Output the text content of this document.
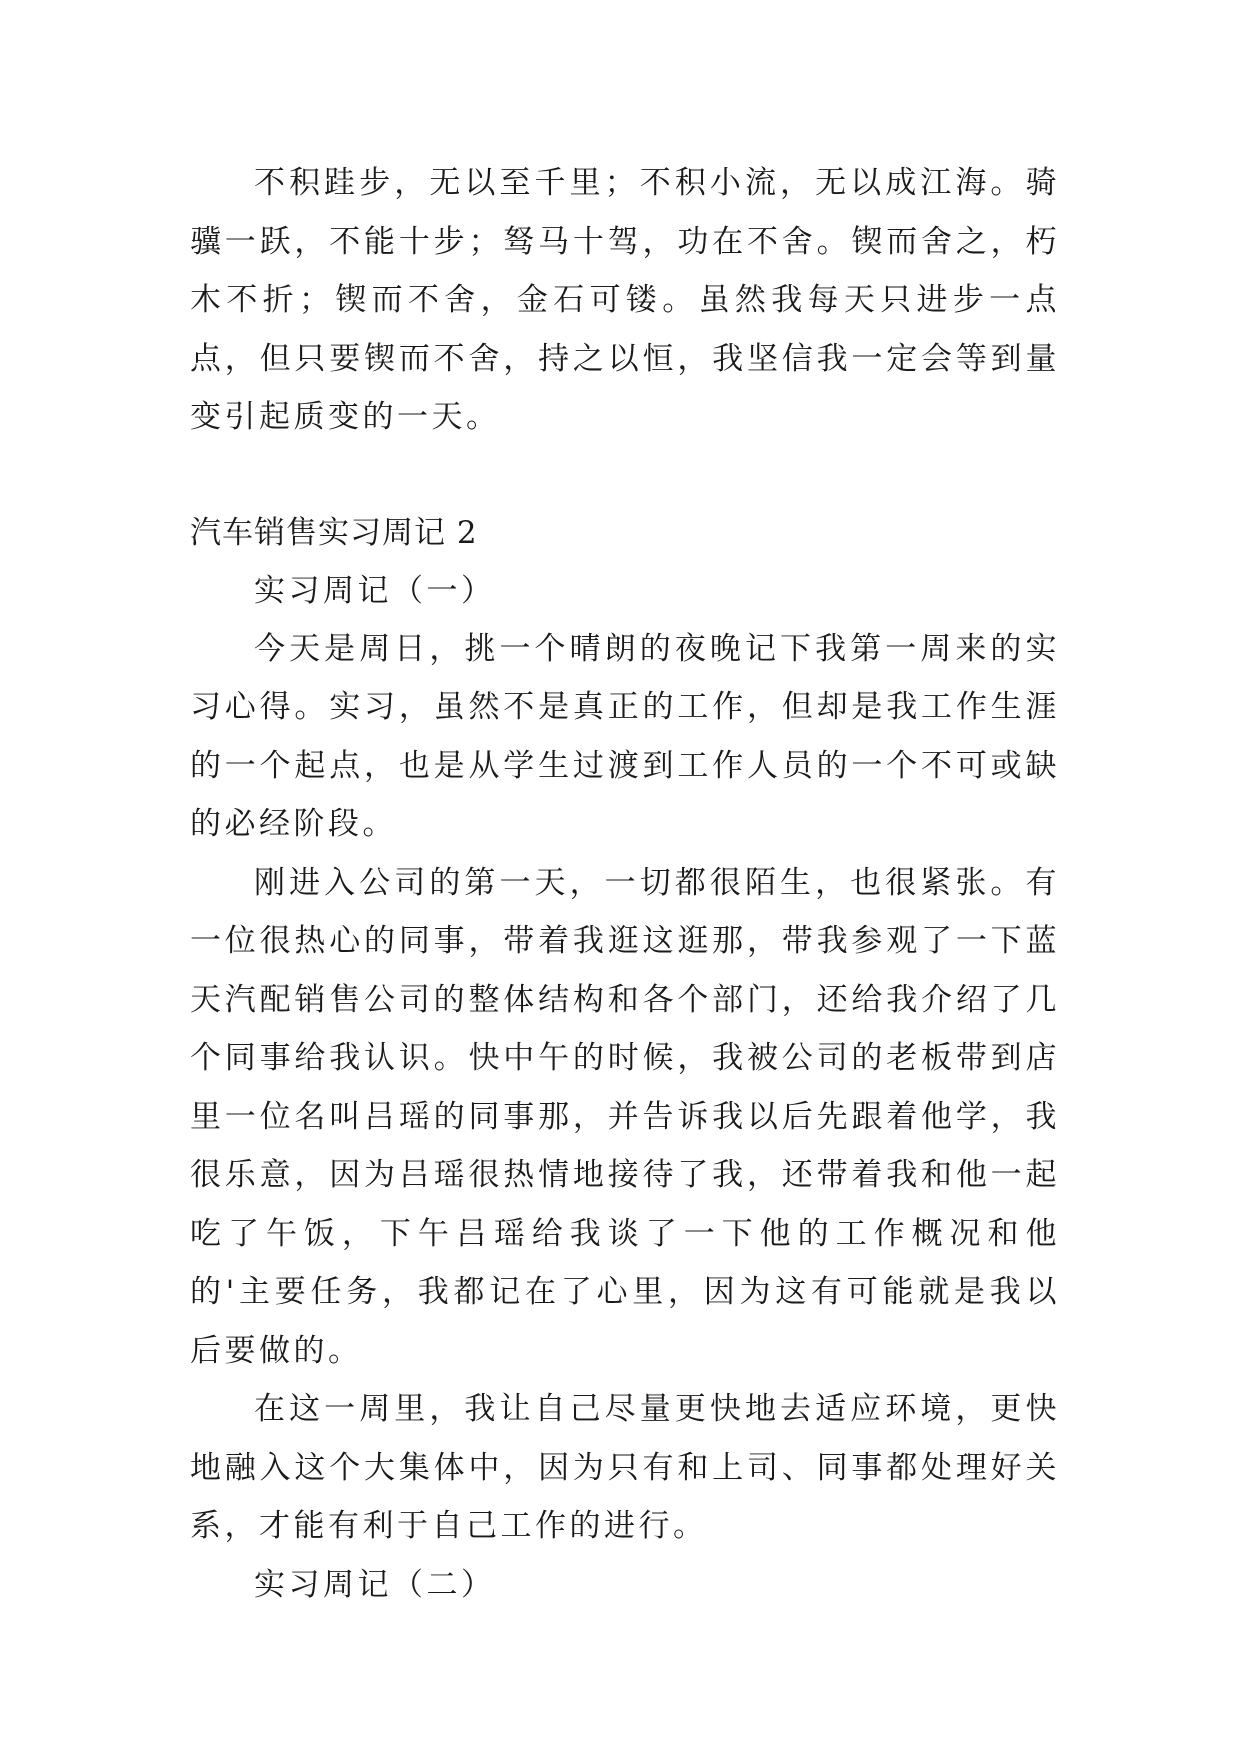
不积跬步，无以至千里；不积小流，无以成江海。骑骥一跃，不能十步；驽马十驾，功在不舍。锲而舍之，朽木不折；锲而不舍，金石可镂。虽然我每天只进步一点点，但只要锲而不舍，持之以恒，我坚信我一定会等到量变引起质变的一天。

汽车销售实习周记 2

实习周记（一）

今天是周日，挑一个晴朗的夜晚记下我第一周来的实习心得。实习，虽然不是真正的工作，但却是我工作生涯的一个起点，也是从学生过渡到工作人员的一个不可或缺的必经阶段。

刚进入公司的第一天，一切都很陌生，也很紧张。有一位很热心的同事，带着我逛这逛那，带我参观了一下蓝天汽配销售公司的整体结构和各个部门，还给我介绍了几个同事给我认识。快中午的时候，我被公司的老板带到店里一位名叫吕瑶的同事那，并告诉我以后先跟着他学，我很乐意，因为吕瑶很热情地接待了我，还带着我和他一起吃了午饭，下午吕瑶给我谈了一下他的工作概况和他的'主要任务，我都记在了心里，因为这有可能就是我以后要做的。

在这一周里，我让自己尽量更快地去适应环境，更快地融入这个大集体中，因为只有和上司、同事都处理好关系，才能有利于自己工作的进行。

实习周记（二）
